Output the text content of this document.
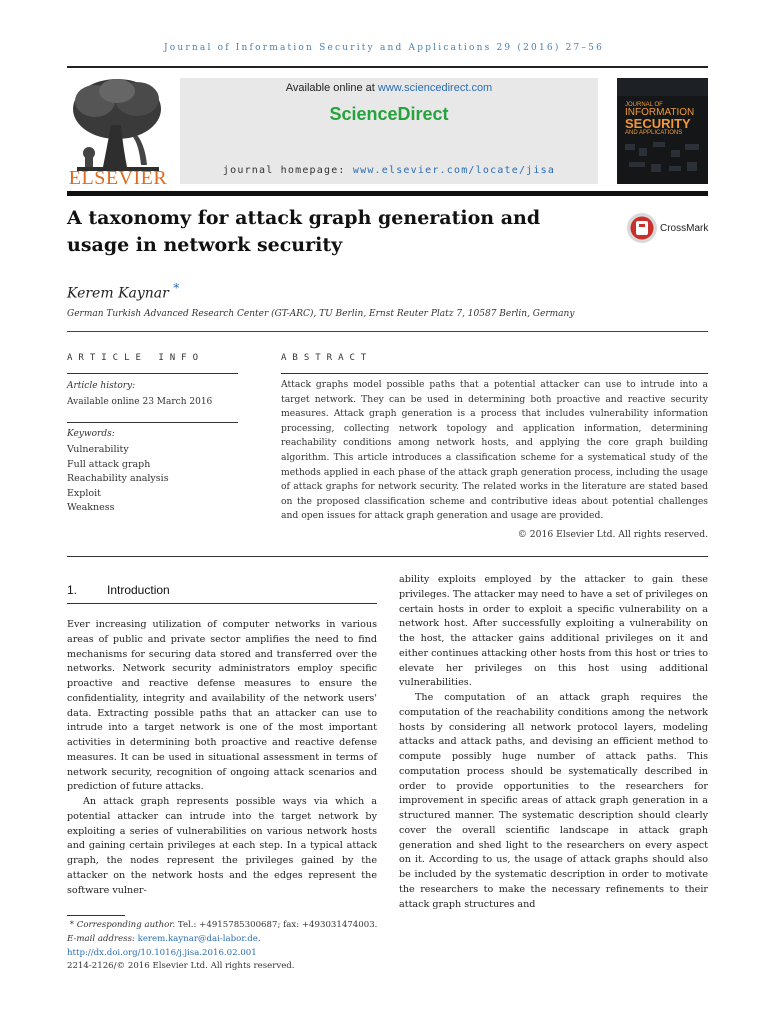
Journal of Information Security and Applications 29 (2016) 27–56
ELSEVIER
Available online at www.sciencedirect.com
ScienceDirect
journal homepage: www.elsevier.com/locate/jisa
JOURNAL OF
INFORMATION
SECURITY
AND APPLICATIONS
A taxonomy for attack graph generation and usage in network security
CrossMark
Kerem Kaynar *
German Turkish Advanced Research Center (GT-ARC), TU Berlin, Ernst Reuter Platz 7, 10587 Berlin, Germany
ARTICLE INFO
Article history:
Available online 23 March 2016
Keywords:
Vulnerability
Full attack graph
Reachability analysis
Exploit
Weakness
ABSTRACT
Attack graphs model possible paths that a potential attacker can use to intrude into a target network. They can be used in determining both proactive and reactive security measures. Attack graph generation is a process that includes vulnerability information processing, collecting network topology and application information, determining reachability conditions among network hosts, and applying the core graph building algorithm. This article introduces a classification scheme for a systematical study of the methods applied in each phase of the attack graph generation process, including the usage of attack graphs for network security. The related works in the literature are stated based on the proposed classification scheme and contributive ideas about potential challenges and open issues for attack graph generation and usage are provided.
© 2016 Elsevier Ltd. All rights reserved.
1. Introduction

Ever increasing utilization of computer networks in various areas of public and private sector amplifies the need to find mechanisms for securing data stored and transferred over the networks. Network security administrators employ specific proactive and reactive defense measures to ensure the confidentiality, integrity and availability of the network users' data. Extracting possible paths that an attacker can use to intrude into a target network is one of the most important activities in determining both proactive and reactive defense measures. It can be used in situational assessment in terms of network security, recognition of ongoing attack scenarios and prediction of future attacks.

An attack graph represents possible ways via which a potential attacker can intrude into the target network by exploiting a series of vulnerabilities on various network hosts and gaining certain privileges at each step. In a typical attack graph, the nodes represent the privileges gained by the attacker on the network hosts and the edges represent the software vulner-

ability exploits employed by the attacker to gain these privileges. The attacker may need to have a set of privileges on certain hosts in order to exploit a specific vulnerability on a network host. After successfully exploiting a vulnerability on the host, the attacker gains additional privileges on it and either continues attacking other hosts from this host or tries to elevate her privileges on this host using additional vulnerabilities.

The computation of an attack graph requires the computation of the reachability conditions among the network hosts by considering all network protocol layers, modeling attacks and attack paths, and devising an efficient method to compute possibly huge number of attack paths. This computation process should be systematically described in order to provide opportunities to the researchers for improvement in specific areas of attack graph generation in a structured manner. The systematic description should clearly cover the overall scientific landscape in attack graph generation and shed light to the researchers on every aspect on it. According to us, the usage of attack graphs should also be included by the systematic description in order to motivate the researchers to make the necessary refinements to their attack graph structures and

* Corresponding author. Tel.: +4915785300687; fax: +493031474003.
E-mail address: kerem.kaynar@dai-labor.de.
http://dx.doi.org/10.1016/j.jisa.2016.02.001
2214-2126/© 2016 Elsevier Ltd. All rights reserved.
